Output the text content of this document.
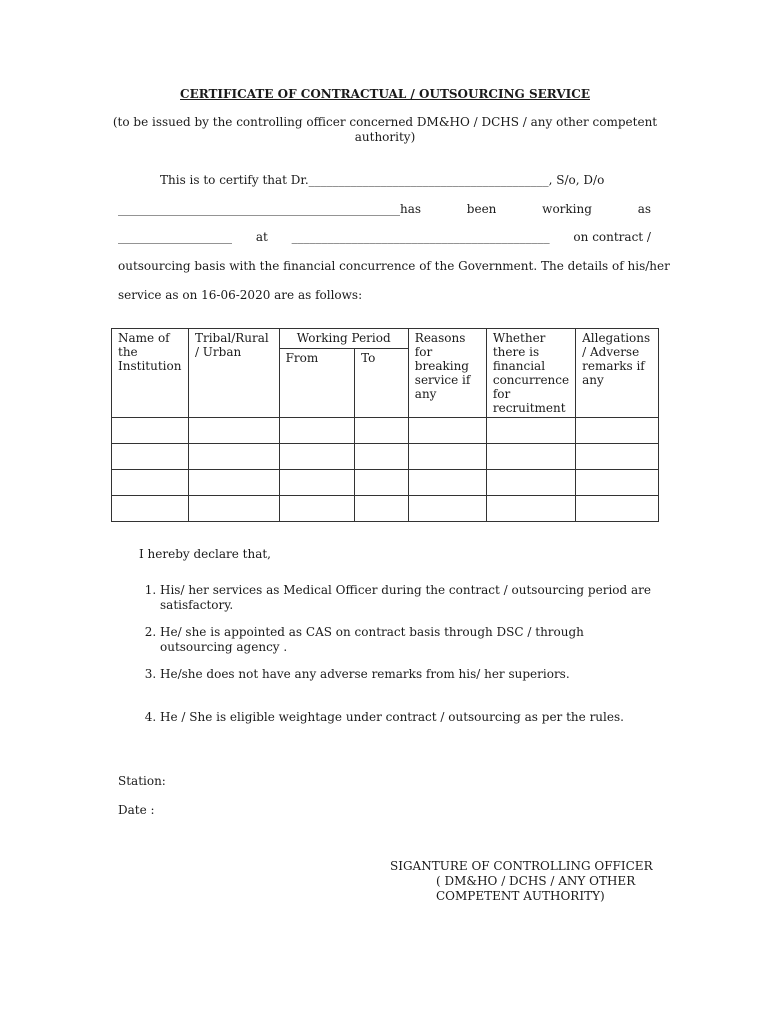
CERTIFICATE OF CONTRACTUAL / OUTSOURCING SERVICE
(to be issued by the controlling officer concerned DM&HO / DCHS / any other competent authority)
This is to certify that Dr.________________________________________, S/o, D/o
_______________________________________________has	been	working	as
___________________ at ___________________________________________ on contract /
outsourcing basis with the financial concurrence of the Government. The details of his/her
service as on 16-06-2020 are as follows:
Name of the Institution	Tribal/Rural / Urban	Working Period		Reasons for breaking service if any	Whether there is financial concurrence for recruitment	Allegations / Adverse remarks if any
		From	To			

I hereby declare that,
1. His/ her services as Medical Officer during the contract / outsourcing period are satisfactory.
2. He/ she is appointed as CAS on contract basis through DSC / through outsourcing agency .
3. He/she does not have any adverse remarks from his/ her superiors.
4. He / She is eligible weightage under contract / outsourcing as per the rules.
Station:
Date :
SIGANTURE OF CONTROLLING OFFICER
( DM&HO / DCHS / ANY OTHER
COMPETENT AUTHORITY)
